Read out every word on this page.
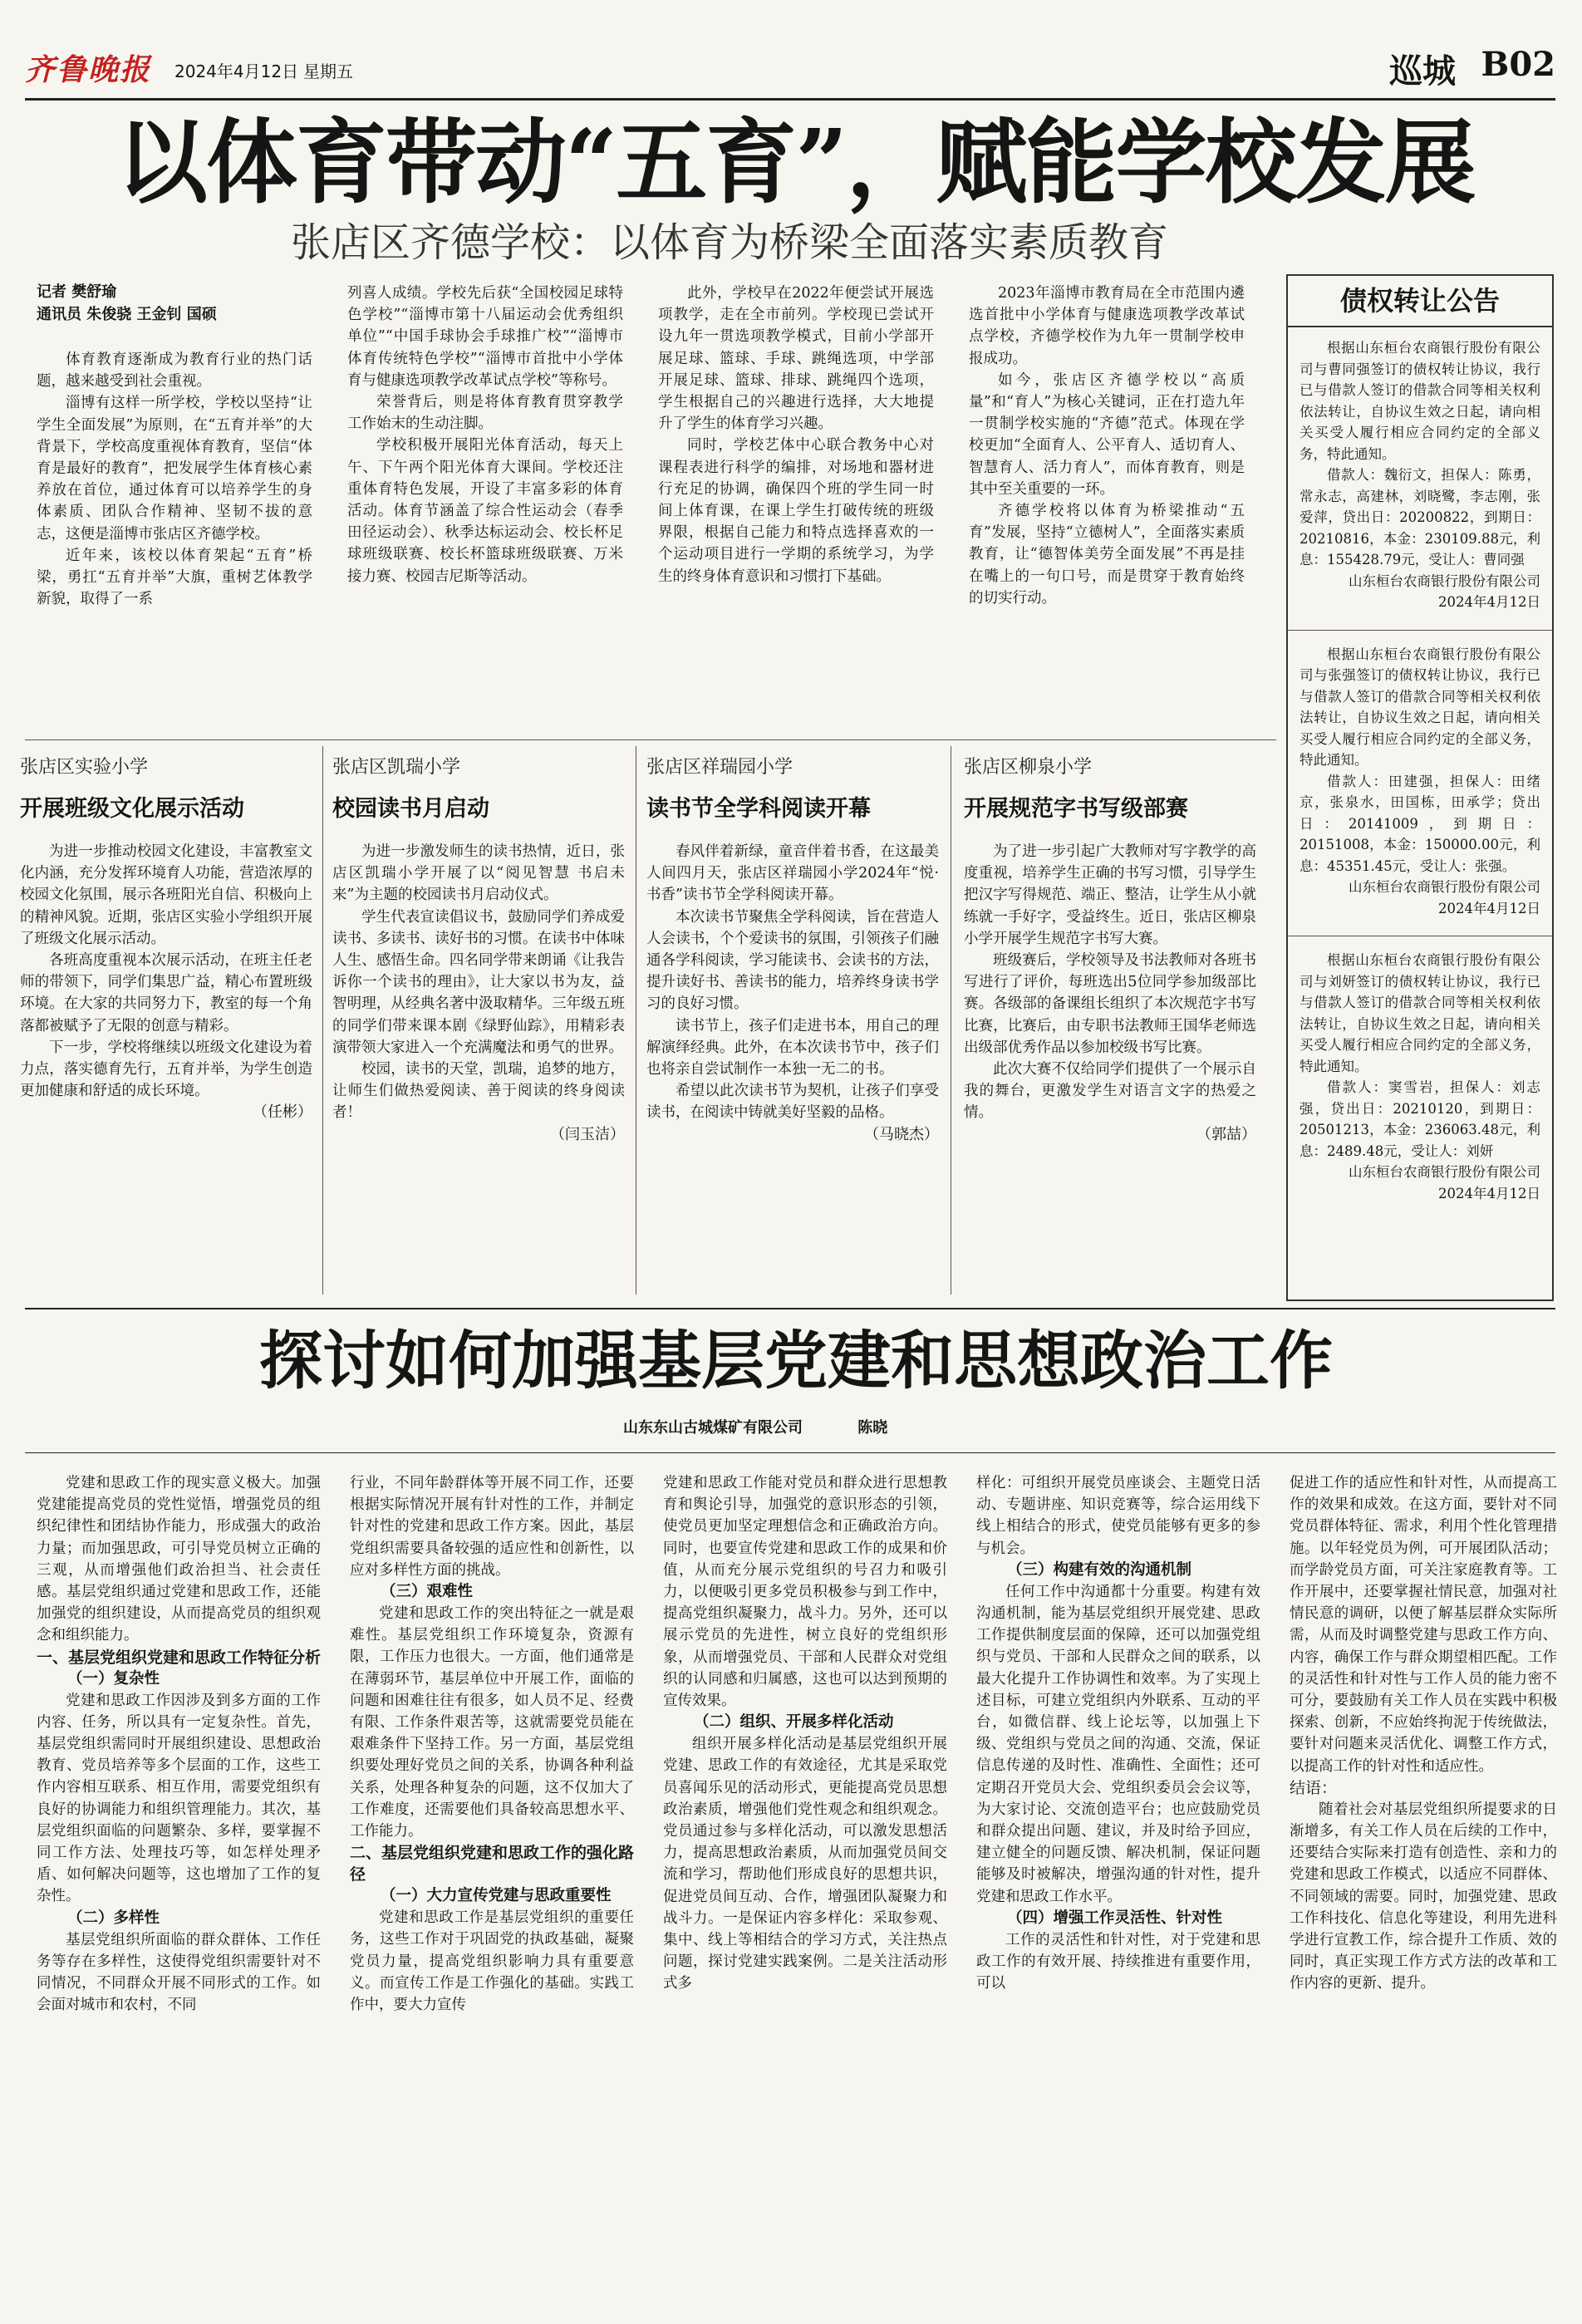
齐鲁晚报 2024年4月12日 星期五	巡城 B02
以体育带动“五育”，赋能学校发展
张店区齐德学校：以体育为桥梁全面落实素质教育
记者 樊舒瑜
通讯员 朱俊骁 王金钊 国硕

体育教育逐渐成为教育行业的热门话题，越来越受到社会重视。

淄博有这样一所学校，学校以坚持“让学生全面发展”为原则，在“五育并举”的大背景下，学校高度重视体育教育，坚信“体育是最好的教育”，把发展学生体育核心素养放在首位，通过体育可以培养学生的身体素质、团队合作精神、坚韧不拔的意志，这便是淄博市张店区齐德学校。

近年来，该校以体育架起“五育”桥梁，勇扛“五育并举”大旗，重树艺体教学新貌，取得了一系

列喜人成绩。学校先后获“全国校园足球特色学校”“淄博市第十八届运动会优秀组织单位”“中国手球协会手球推广校”“淄博市体育传统特色学校”“淄博市首批中小学体育与健康选项教学改革试点学校”等称号。

荣誉背后，则是将体育教育贯穿教学工作始末的生动注脚。

学校积极开展阳光体育活动，每天上午、下午两个阳光体育大课间。学校还注重体育特色发展，开设了丰富多彩的体育活动。体育节涵盖了综合性运动会（春季田径运动会）、秋季达标运动会、校长杯足球班级联赛、校长杯篮球班级联赛、万米接力赛、校园吉尼斯等活动。

此外，学校早在2022年便尝试开展选项教学，走在全市前列。学校现已尝试开设九年一贯选项教学模式，目前小学部开展足球、篮球、手球、跳绳选项，中学部开展足球、篮球、排球、跳绳四个选项，学生根据自己的兴趣进行选择，大大地提升了学生的体育学习兴趣。

同时，学校艺体中心联合教务中心对课程表进行科学的编排，对场地和器材进行充足的协调，确保四个班的学生同一时间上体育课，在课上学生打破传统的班级界限，根据自己能力和特点选择喜欢的一个运动项目进行一学期的系统学习，为学生的终身体育意识和习惯打下基础。

2023年淄博市教育局在全市范围内遴选首批中小学体育与健康选项教学改革试点学校，齐德学校作为九年一贯制学校申报成功。

如今，张店区齐德学校以“高质量”和“育人”为核心关键词，正在打造九年一贯制学校实施的“齐德”范式。体现在学校更加“全面育人、公平育人、适切育人、智慧育人、活力育人”，而体育教育，则是其中至关重要的一环。

齐德学校将以体育为桥梁推动“五育”发展，坚持“立德树人”，全面落实素质教育，让“德智体美劳全面发展”不再是挂在嘴上的一句口号，而是贯穿于教育始终的切实行动。

张店区实验小学
开展班级文化展示活动

为进一步推动校园文化建设，丰富教室文化内涵，充分发挥环境育人功能，营造浓厚的校园文化氛围，展示各班阳光自信、积极向上的精神风貌。近期，张店区实验小学组织开展了班级文化展示活动。

各班高度重视本次展示活动，在班主任老师的带领下，同学们集思广益，精心布置班级环境。在大家的共同努力下，教室的每一个角落都被赋予了无限的创意与精彩。

下一步，学校将继续以班级文化建设为着力点，落实德育先行，五育并举，为学生创造更加健康和舒适的成长环境。

（任彬）
张店区凯瑞小学
校园读书月启动

为进一步激发师生的读书热情，近日，张店区凯瑞小学开展了以“阅见智慧 书启未来”为主题的校园读书月启动仪式。

学生代表宣读倡议书，鼓励同学们养成爱读书、多读书、读好书的习惯。在读书中体味人生、感悟生命。四名同学带来朗诵《让我告诉你一个读书的理由》，让大家以书为友，益智明理，从经典名著中汲取精华。三年级五班的同学们带来课本剧《绿野仙踪》，用精彩表演带领大家进入一个充满魔法和勇气的世界。

校园，读书的天堂，凯瑞，追梦的地方，让师生们做热爱阅读、善于阅读的终身阅读者！

（闫玉洁）
张店区祥瑞园小学
读书节全学科阅读开幕

春风伴着新绿，童音伴着书香，在这最美人间四月天，张店区祥瑞园小学2024年“悦·书香”读书节全学科阅读开幕。

本次读书节聚焦全学科阅读，旨在营造人人会读书，个个爱读书的氛围，引领孩子们融通各学科阅读，学习能读书、会读书的方法，提升读好书、善读书的能力，培养终身读书学习的良好习惯。

读书节上，孩子们走进书本，用自己的理解演绎经典。此外，在本次读书节中，孩子们也将亲自尝试制作一本独一无二的书。

希望以此次读书节为契机，让孩子们享受读书，在阅读中铸就美好坚毅的品格。

（马晓杰）
张店区柳泉小学
开展规范字书写级部赛

为了进一步引起广大教师对写字教学的高度重视，培养学生正确的书写习惯，引导学生把汉字写得规范、端正、整洁，让学生从小就练就一手好字，受益终生。近日，张店区柳泉小学开展学生规范字书写大赛。

班级赛后，学校领导及书法教师对各班书写进行了评价，每班选出5位同学参加级部比赛。各级部的备课组长组织了本次规范字书写比赛，比赛后，由专职书法教师王国华老师选出级部优秀作品以参加校级书写比赛。

此次大赛不仅给同学们提供了一个展示自我的舞台，更激发学生对语言文字的热爱之情。

（郭喆）
债权转让公告

根据山东桓台农商银行股份有限公司与曹同强签订的债权转让协议，我行已与借款人签订的借款合同等相关权利依法转让，自协议生效之日起，请向相关买受人履行相应合同约定的全部义务，特此通知。

借款人：魏衍文，担保人：陈勇，常永志，高建林，刘晓鹭，李志刚，张爱萍，贷出日：20200822，到期日：20210816，本金：230109.88元，利息：155428.79元，受让人：曹同强

山东桓台农商银行股份有限公司

2024年4月12日

根据山东桓台农商银行股份有限公司与张强签订的债权转让协议，我行已与借款人签订的借款合同等相关权利依法转让，自协议生效之日起，请向相关买受人履行相应合同约定的全部义务，特此通知。

借款人：田建强，担保人：田绪京，张泉水，田国栋，田承学；贷出日：20141009，到期日：20151008，本金：150000.00元，利息：45351.45元，受让人：张强。

山东桓台农商银行股份有限公司

2024年4月12日

根据山东桓台农商银行股份有限公司与刘妍签订的债权转让协议，我行已与借款人签订的借款合同等相关权利依法转让，自协议生效之日起，请向相关买受人履行相应合同约定的全部义务，特此通知。

借款人：窦雪岩，担保人：刘志强，贷出日：20210120，到期日：20501213，本金：236063.48元，利息：2489.48元，受让人：刘妍

山东桓台农商银行股份有限公司

2024年4月12日

探讨如何加强基层党建和思想政治工作
山东东山古城煤矿有限公司	陈晓

党建和思政工作的现实意义极大。加强党建能提高党员的党性觉悟，增强党员的组织纪律性和团结协作能力，形成强大的政治力量；而加强思政，可引导党员树立正确的三观，从而增强他们政治担当、社会责任感。基层党组织通过党建和思政工作，还能加强党的组织建设，从而提高党员的组织观念和组织能力。

一、基层党组织党建和思政工作特征分析
（一）复杂性

党建和思政工作因涉及到多方面的工作内容、任务，所以具有一定复杂性。首先，基层党组织需同时开展组织建设、思想政治教育、党员培养等多个层面的工作，这些工作内容相互联系、相互作用，需要党组织有良好的协调能力和组织管理能力。其次，基层党组织面临的问题繁杂、多样，要掌握不同工作方法、处理技巧等，如怎样处理矛盾、如何解决问题等，这也增加了工作的复杂性。

（二）多样性

基层党组织所面临的群众群体、工作任务等存在多样性，这使得党组织需要针对不同情况，不同群众开展不同形式的工作。如会面对城市和农村，不同

行业，不同年龄群体等开展不同工作，还要根据实际情况开展有针对性的工作，并制定针对性的党建和思政工作方案。因此，基层党组织需要具备较强的适应性和创新性，以应对多样性方面的挑战。

（三）艰难性

党建和思政工作的突出特征之一就是艰难性。基层党组织工作环境复杂，资源有限，工作压力也很大。一方面，他们通常是在薄弱环节，基层单位中开展工作，面临的问题和困难往往有很多，如人员不足、经费有限、工作条件艰苦等，这就需要党员能在艰难条件下坚持工作。另一方面，基层党组织要处理好党员之间的关系，协调各种利益关系，处理各种复杂的问题，这不仅加大了工作难度，还需要他们具备较高思想水平、工作能力。

二、基层党组织党建和思政工作的强化路径
（一）大力宣传党建与思政重要性

党建和思政工作是基层党组织的重要任务，这些工作对于巩固党的执政基础，凝聚党员力量，提高党组织影响力具有重要意义。而宣传工作是工作强化的基础。实践工作中，要大力宣传

党建和思政工作能对党员和群众进行思想教育和舆论引导，加强党的意识形态的引领，使党员更加坚定理想信念和正确政治方向。同时，也要宣传党建和思政工作的成果和价值，从而充分展示党组织的号召力和吸引力，以便吸引更多党员积极参与到工作中，提高党组织凝聚力，战斗力。另外，还可以展示党员的先进性，树立良好的党组织形象，从而增强党员、干部和人民群众对党组织的认同感和归属感，这也可以达到预期的宣传效果。

（二）组织、开展多样化活动

组织开展多样化活动是基层党组织开展党建、思政工作的有效途径，尤其是采取党员喜闻乐见的活动形式，更能提高党员思想政治素质，增强他们党性观念和组织观念。党员通过参与多样化活动，可以激发思想活力，提高思想政治素质，从而加强党员间交流和学习，帮助他们形成良好的思想共识，促进党员间互动、合作，增强团队凝聚力和战斗力。一是保证内容多样化：采取参观、集中、线上等相结合的学习方式，关注热点问题，探讨党建实践案例。二是关注活动形式多

样化：可组织开展党员座谈会、主题党日活动、专题讲座、知识竞赛等，综合运用线下线上相结合的形式，使党员能够有更多的参与机会。

（三）构建有效的沟通机制

任何工作中沟通都十分重要。构建有效沟通机制，能为基层党组织开展党建、思政工作提供制度层面的保障，还可以加强党组织与党员、干部和人民群众之间的联系，以最大化提升工作协调性和效率。为了实现上述目标，可建立党组织内外联系、互动的平台，如微信群、线上论坛等，以加强上下级、党组织与党员之间的沟通、交流，保证信息传递的及时性、准确性、全面性；还可定期召开党员大会、党组织委员会会议等，为大家讨论、交流创造平台；也应鼓励党员和群众提出问题、建议，并及时给予回应，建立健全的问题反馈、解决机制，保证问题能够及时被解决，增强沟通的针对性，提升党建和思政工作水平。

（四）增强工作灵活性、针对性

工作的灵活性和针对性，对于党建和思政工作的有效开展、持续推进有重要作用，可以

促进工作的适应性和针对性，从而提高工作的效果和成效。在这方面，要针对不同党员群体特征、需求，利用个性化管理措施。以年轻党员为例，可开展团队活动；而学龄党员方面，可关注家庭教育等。工作开展中，还要掌握社情民意，加强对社情民意的调研，以便了解基层群众实际所需，从而及时调整党建与思政工作方向、内容，确保工作与群众期望相匹配。工作的灵活性和针对性与工作人员的能力密不可分，要鼓励有关工作人员在实践中积极探索、创新，不应始终拘泥于传统做法，要针对问题来灵活优化、调整工作方式，以提高工作的针对性和适应性。

结语：

随着社会对基层党组织所提要求的日渐增多，有关工作人员在后续的工作中，还要结合实际来打造有创造性、亲和力的党建和思政工作模式，以适应不同群体、不同领域的需要。同时，加强党建、思政工作科技化、信息化等建设，利用先进科学进行宣教工作，综合提升工作质、效的同时，真正实现工作方式方法的改革和工作内容的更新、提升。
